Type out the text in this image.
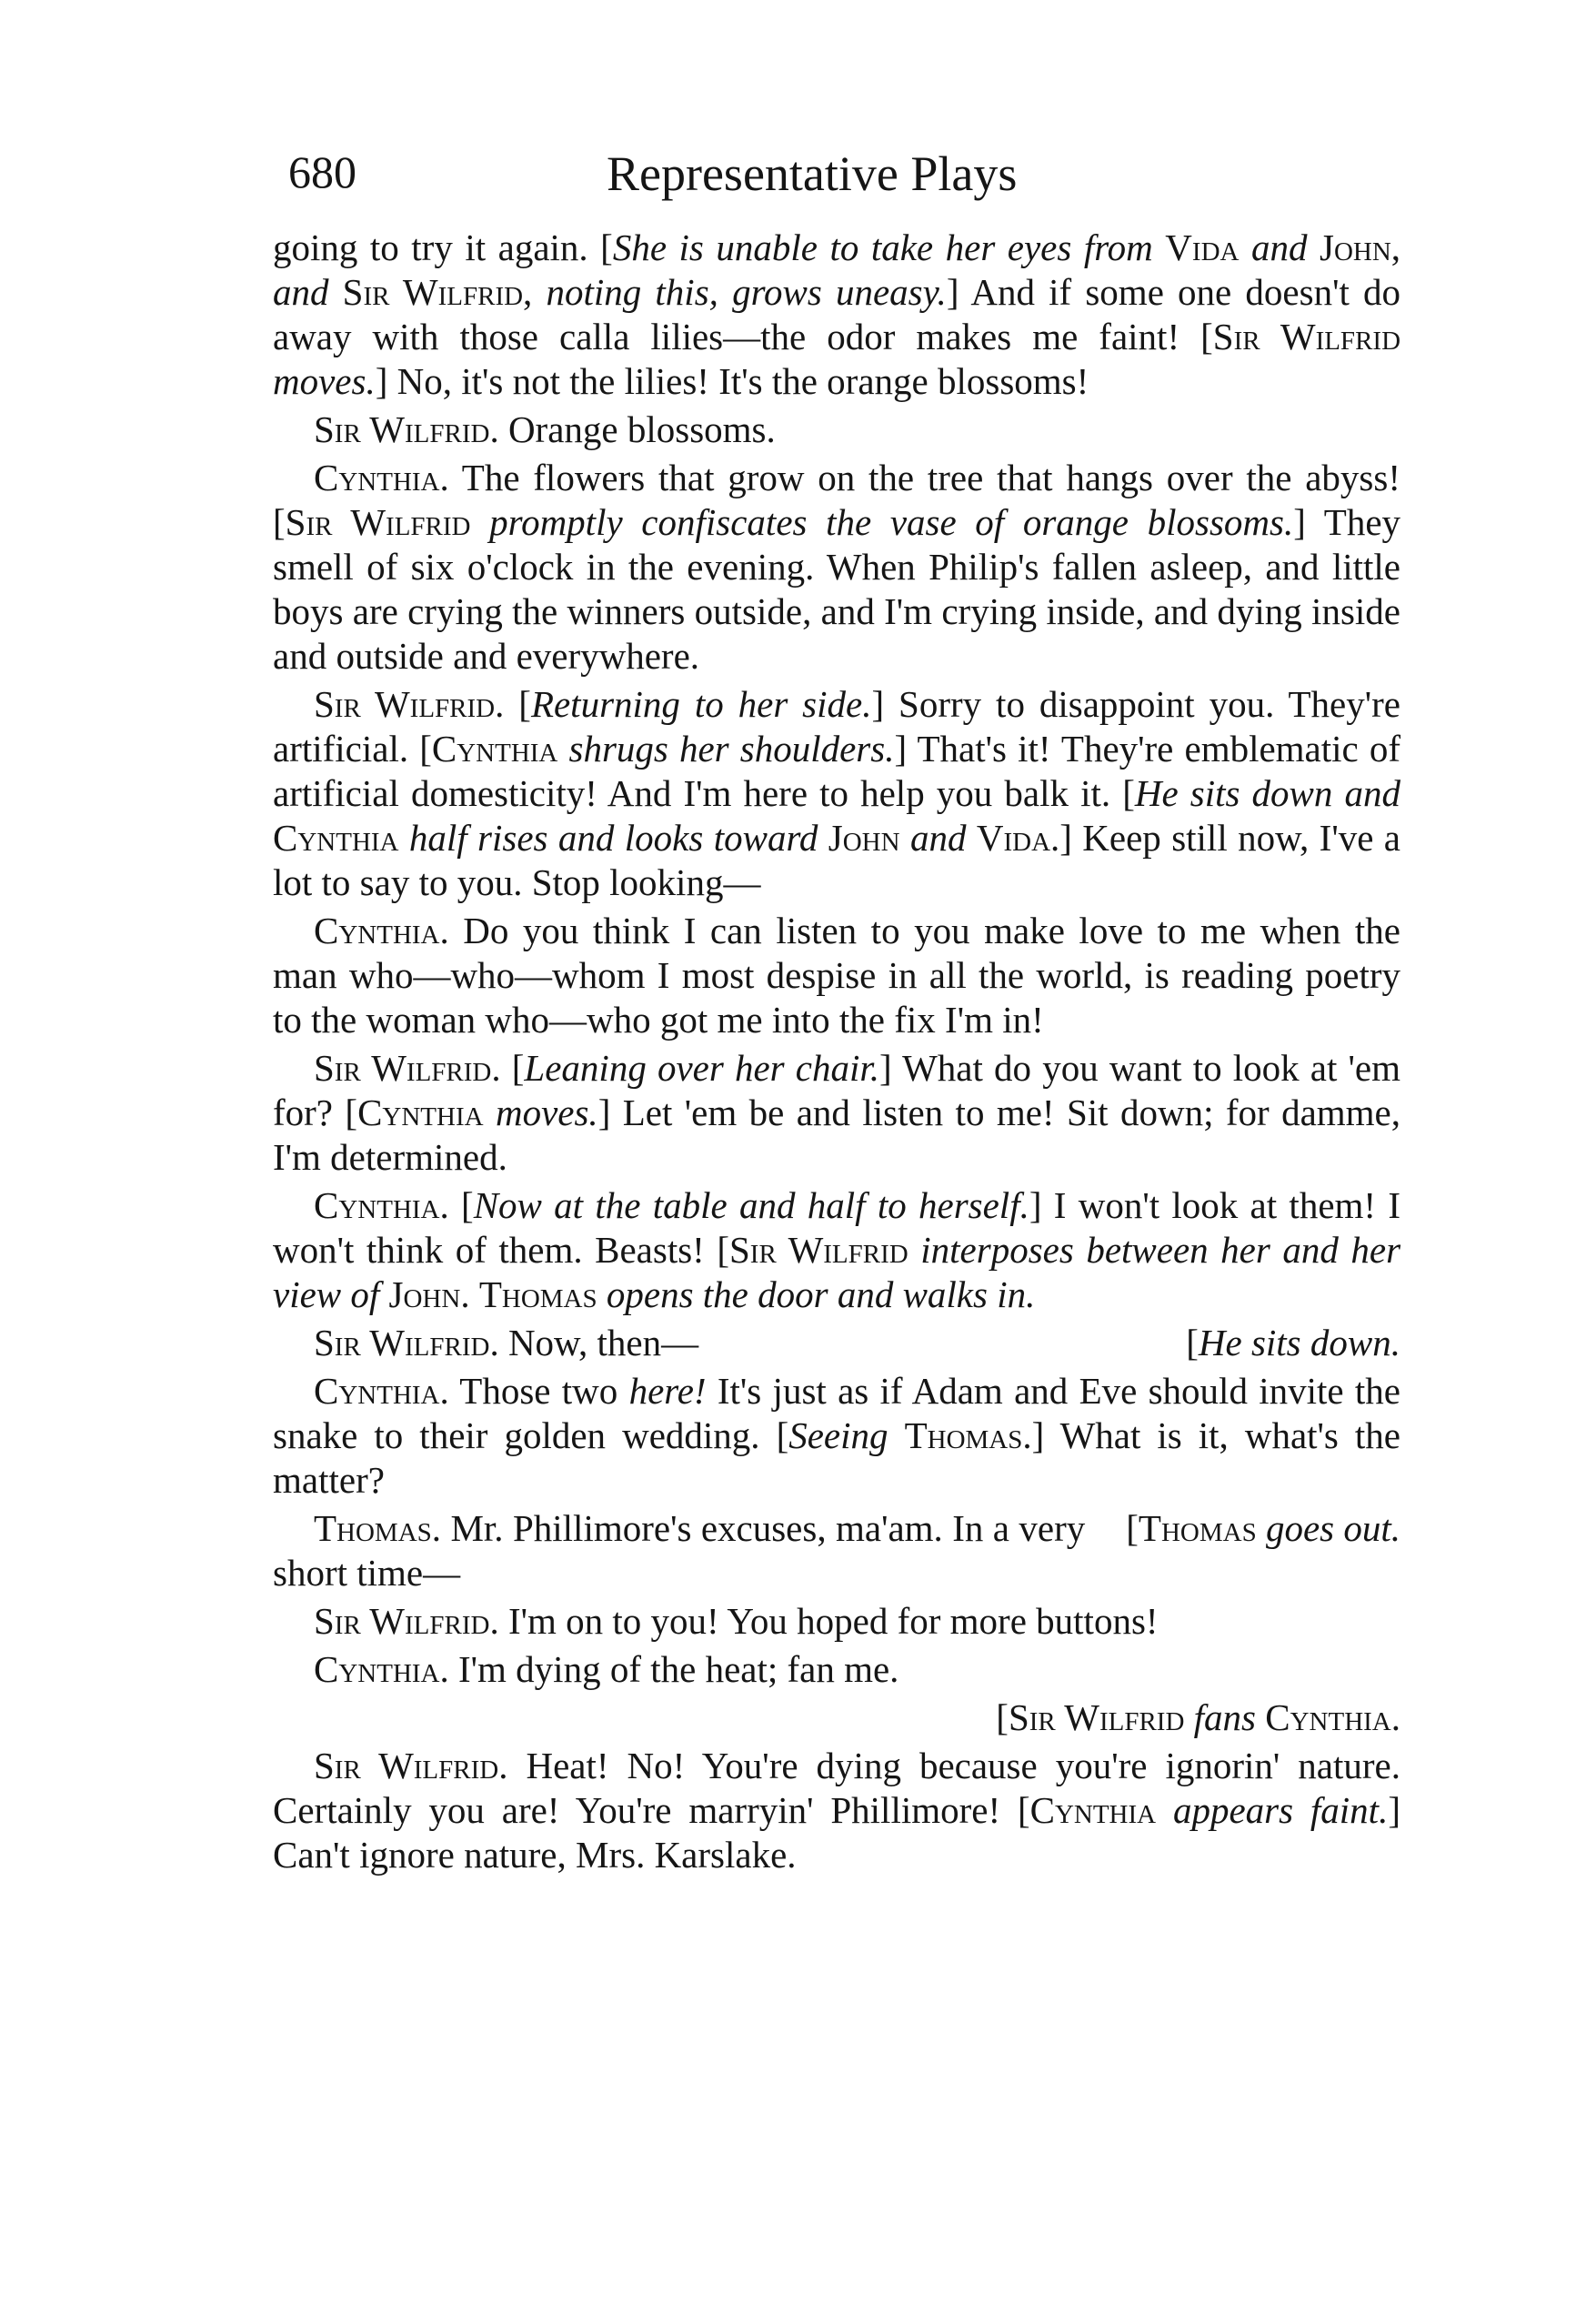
680	Representative Plays

going to try it again. [She is unable to take her eyes from Vida and John, and Sir Wilfrid, noting this, grows uneasy.] And if some one doesn't do away with those calla lilies—the odor makes me faint! [Sir Wilfrid moves.] No, it's not the lilies! It's the orange blossoms!

Sir Wilfrid. Orange blossoms.

Cynthia. The flowers that grow on the tree that hangs over the abyss! [Sir Wilfrid promptly confiscates the vase of orange blossoms.] They smell of six o'clock in the evening. When Philip's fallen asleep, and little boys are crying the winners outside, and I'm crying inside, and dying inside and outside and everywhere.

Sir Wilfrid. [Returning to her side.] Sorry to disappoint you. They're artificial. [Cynthia shrugs her shoulders.] That's it! They're emblematic of artificial domesticity! And I'm here to help you balk it. [He sits down and Cynthia half rises and looks toward John and Vida.] Keep still now, I've a lot to say to you. Stop looking—

Cynthia. Do you think I can listen to you make love to me when the man who—who—whom I most despise in all the world, is reading poetry to the woman who—who got me into the fix I'm in!

Sir Wilfrid. [Leaning over her chair.] What do you want to look at 'em for? [Cynthia moves.] Let 'em be and listen to me! Sit down; for damme, I'm determined.

Cynthia. [Now at the table and half to herself.] I won't look at them! I won't think of them. Beasts! [Sir Wilfrid interposes between her and her view of John. Thomas opens the door and walks in.

[He sits down.
Sir Wilfrid. Now, then—

Cynthia. Those two here! It's just as if Adam and Eve should invite the snake to their golden wedding. [Seeing Thomas.] What is it, what's the matter?

[Thomas goes out.
Thomas. Mr. Phillimore's excuses, ma'am. In a very short time—

Sir Wilfrid. I'm on to you! You hoped for more buttons!

Cynthia. I'm dying of the heat; fan me.

[Sir Wilfrid fans Cynthia.

Sir Wilfrid. Heat! No! You're dying because you're ignorin' nature. Certainly you are! You're marryin' Phillimore! [Cynthia appears faint.] Can't ignore nature, Mrs. Karslake.
